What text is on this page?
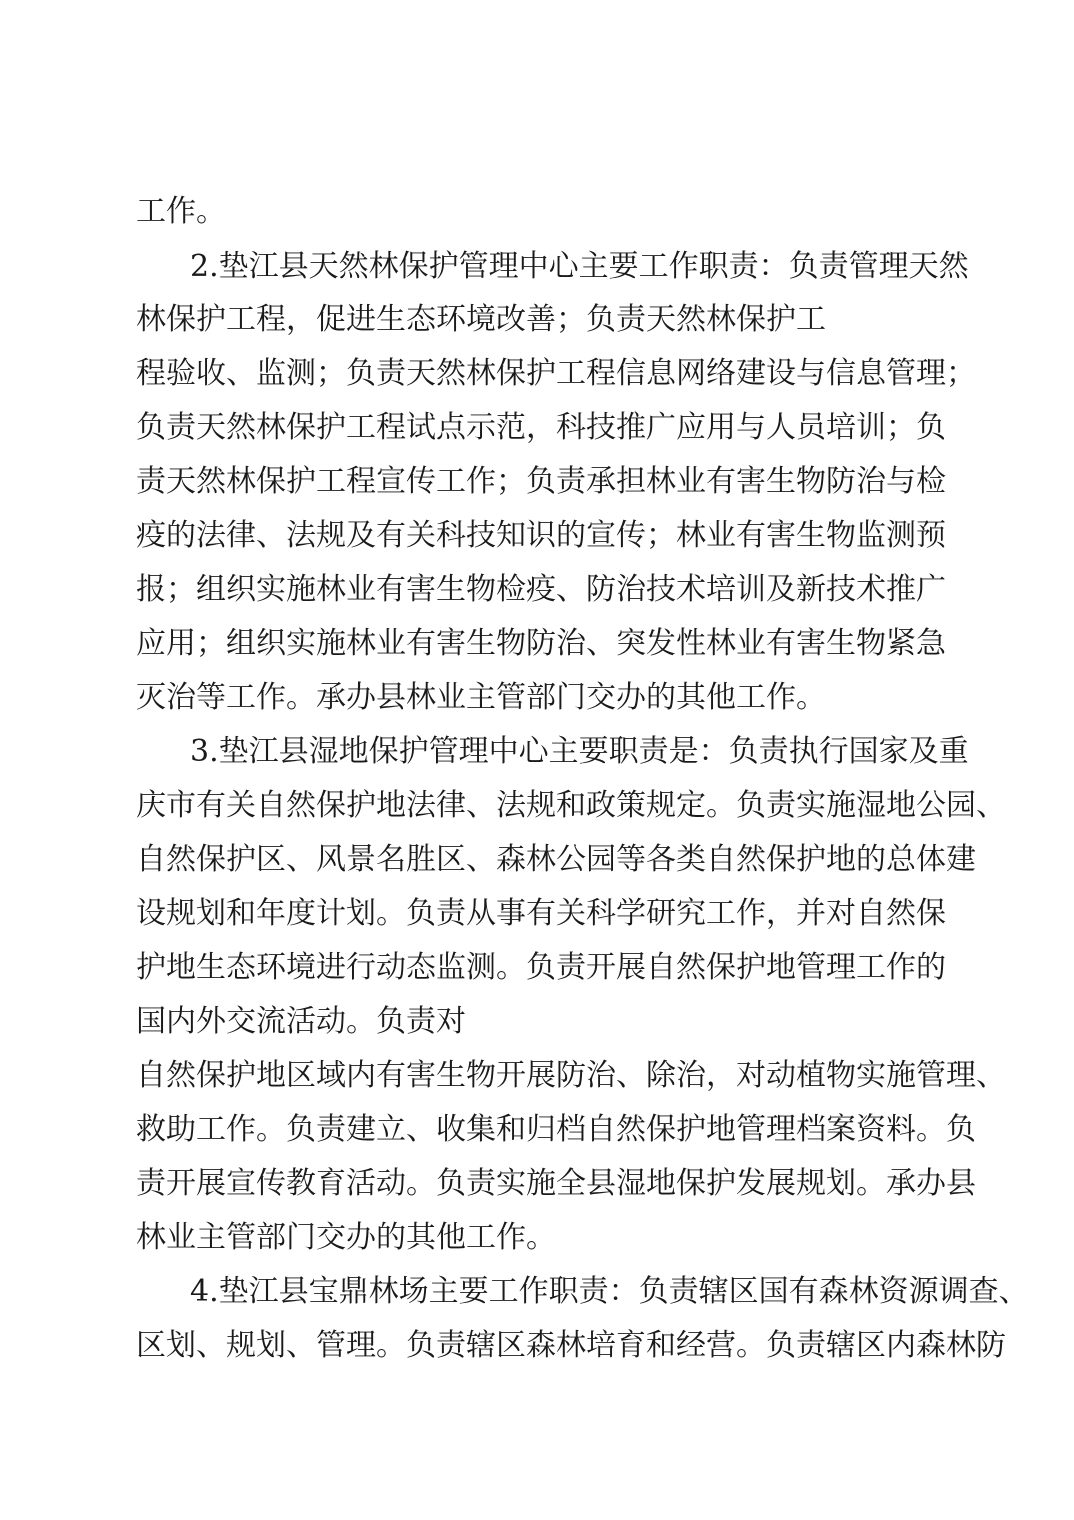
工作。
2.垫江县天然林保护管理中心主要工作职责：负责管理天然
林保护工程，促进生态环境改善；负责天然林保护工
程验收、监测；负责天然林保护工程信息网络建设与信息管理；
负责天然林保护工程试点示范，科技推广应用与人员培训；负
责天然林保护工程宣传工作；负责承担林业有害生物防治与检
疫的法律、法规及有关科技知识的宣传；林业有害生物监测预
报；组织实施林业有害生物检疫、防治技术培训及新技术推广
应用；组织实施林业有害生物防治、突发性林业有害生物紧急
灭治等工作。承办县林业主管部门交办的其他工作。
3.垫江县湿地保护管理中心主要职责是：负责执行国家及重
庆市有关自然保护地法律、法规和政策规定。负责实施湿地公园、
自然保护区、风景名胜区、森林公园等各类自然保护地的总体建
设规划和年度计划。负责从事有关科学研究工作，并对自然保
护地生态环境进行动态监测。负责开展自然保护地管理工作的
国内外交流活动。负责对
自然保护地区域内有害生物开展防治、除治，对动植物实施管理、
救助工作。负责建立、收集和归档自然保护地管理档案资料。负
责开展宣传教育活动。负责实施全县湿地保护发展规划。承办县
林业主管部门交办的其他工作。
4.垫江县宝鼎林场主要工作职责：负责辖区国有森林资源调查、
区划、规划、管理。负责辖区森林培育和经营。负责辖区内森林防
